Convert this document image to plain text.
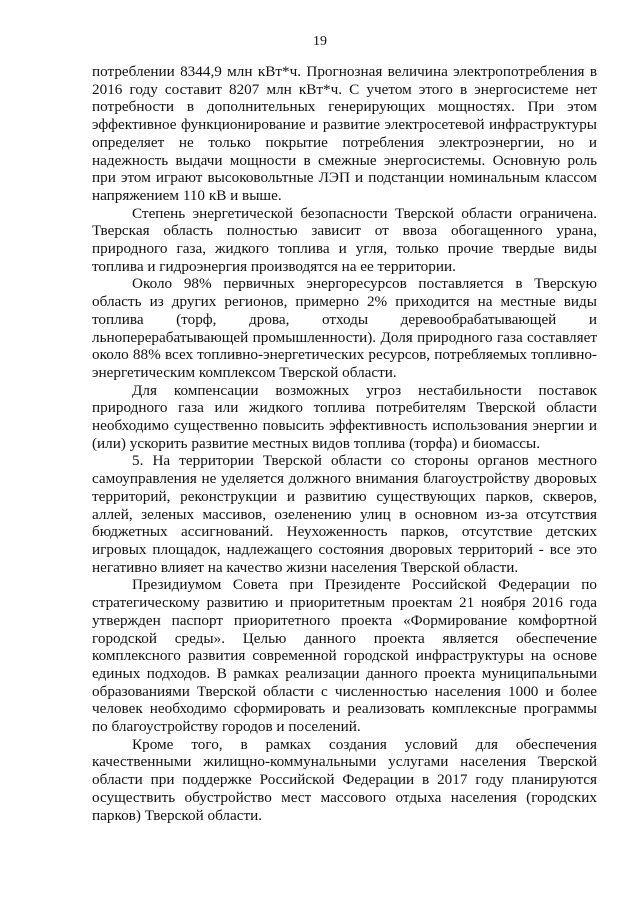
19

потреблении 8344,9 млн кВт*ч. Прогнозная величина электропотребления в 2016 году составит 8207 млн кВт*ч. С учетом этого в энергосистеме нет потребности в дополнительных генерирующих мощностях. При этом эффективное функционирование и развитие электросетевой инфраструктуры определяет не только покрытие потребления электроэнергии, но и надежность выдачи мощности в смежные энергосистемы. Основную роль при этом играют высоковольтные ЛЭП и подстанции номинальным классом напряжением 110 кВ и выше.

Степень энергетической безопасности Тверской области ограничена. Тверская область полностью зависит от ввоза обогащенного урана, природного газа, жидкого топлива и угля, только прочие твердые виды топлива и гидроэнергия производятся на ее территории.

Около 98% первичных энергоресурсов поставляется в Тверскую область из других регионов, примерно 2% приходится на местные виды топлива (торф, дрова, отходы деревообрабатывающей и льноперерабатывающей промышленности). Доля природного газа составляет около 88% всех топливно-энергетических ресурсов, потребляемых топливно-энергетическим комплексом Тверской области.

Для компенсации возможных угроз нестабильности поставок природного газа или жидкого топлива потребителям Тверской области необходимо существенно повысить эффективность использования энергии и (или) ускорить развитие местных видов топлива (торфа) и биомассы.

5. На территории Тверской области со стороны органов местного самоуправления не уделяется должного внимания благоустройству дворовых территорий, реконструкции и развитию существующих парков, скверов, аллей, зеленых массивов, озеленению улиц в основном из-за отсутствия бюджетных ассигнований. Неухоженность парков, отсутствие детских игровых площадок, надлежащего состояния дворовых территорий - все это негативно влияет на качество жизни населения Тверской области.

Президиумом Совета при Президенте Российской Федерации по стратегическому развитию и приоритетным проектам 21 ноября 2016 года утвержден паспорт приоритетного проекта «Формирование комфортной городской среды». Целью данного проекта является обеспечение комплексного развития современной городской инфраструктуры на основе единых подходов. В рамках реализации данного проекта муниципальными образованиями Тверской области с численностью населения 1000 и более человек необходимо сформировать и реализовать комплексные программы по благоустройству городов и поселений.

Кроме того, в рамках создания условий для обеспечения качественными жилищно-коммунальными услугами населения Тверской области при поддержке Российской Федерации в 2017 году планируются осуществить обустройство мест массового отдыха населения (городских парков) Тверской области.
